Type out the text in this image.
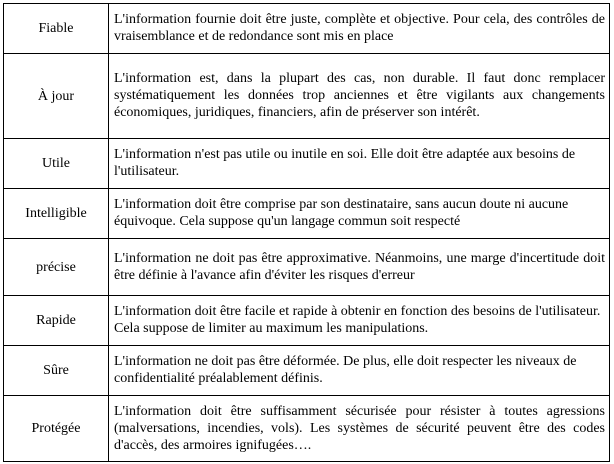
Fiable	L'information fournie doit être juste, complète et objective. Pour cela, des contrôles de vraisemblance et de redondance sont mis en place
À jour	L'information est, dans la plupart des cas, non durable. Il faut donc remplacer systématiquement les données trop anciennes et être vigilants aux changements économiques, juridiques, financiers, afin de préserver son intérêt.
Utile	L'information n'est pas utile ou inutile en soi. Elle doit être adaptée aux besoins de l'utilisateur.
Intelligible	L'information doit être comprise par son destinataire, sans aucun doute ni aucune équivoque. Cela suppose qu'un langage commun soit respecté
précise	L'information ne doit pas être approximative. Néanmoins, une marge d'incertitude doit être définie à l'avance afin d'éviter les risques d'erreur
Rapide	L'information doit être facile et rapide à obtenir en fonction des besoins de l'utilisateur. Cela suppose de limiter au maximum les manipulations.
Sûre	L'information ne doit pas être déformée. De plus, elle doit respecter les niveaux de confidentialité préalablement définis.
Protégée	L'information doit être suffisamment sécurisée pour résister à toutes agressions (malversations, incendies, vols). Les systèmes de sécurité peuvent être des codes d'accès, des armoires ignifugées….
